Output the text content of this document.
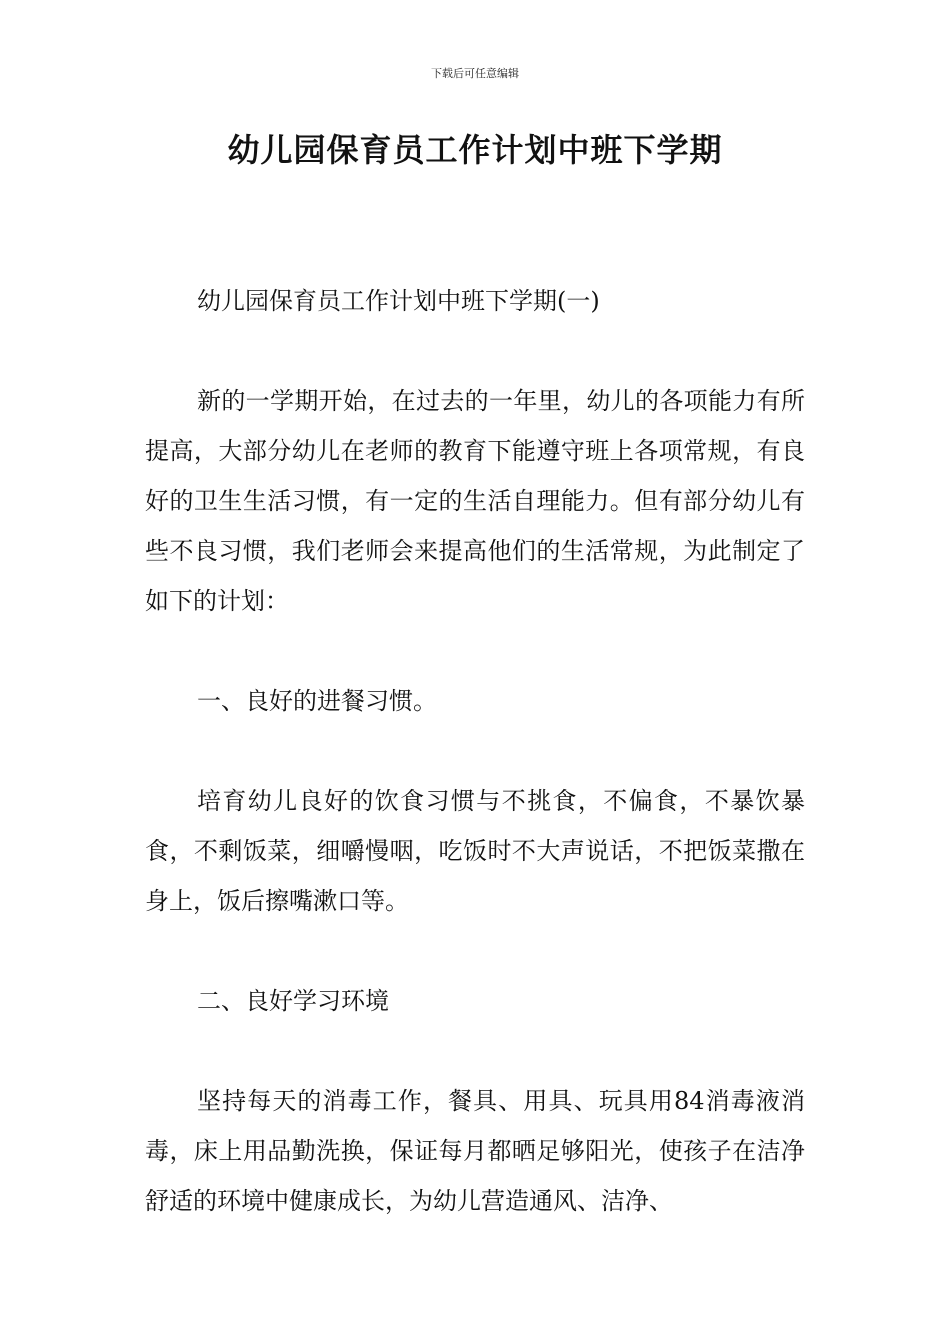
下载后可任意编辑
幼儿园保育员工作计划中班下学期

幼儿园保育员工作计划中班下学期(一)

新的一学期开始，在过去的一年里，幼儿的各项能力有所提高，大部分幼儿在老师的教育下能遵守班上各项常规，有良好的卫生生活习惯，有一定的生活自理能力。但有部分幼儿有些不良习惯，我们老师会来提高他们的生活常规，为此制定了如下的计划：

一、良好的进餐习惯。

培育幼儿良好的饮食习惯与不挑食，不偏食，不暴饮暴食，不剩饭菜，细嚼慢咽，吃饭时不大声说话，不把饭菜撒在身上，饭后擦嘴漱口等。

二、良好学习环境

坚持每天的消毒工作，餐具、用具、玩具用84消毒液消毒，床上用品勤洗换，保证每月都晒足够阳光，使孩子在洁净舒适的环境中健康成长，为幼儿营造通风、洁净、
